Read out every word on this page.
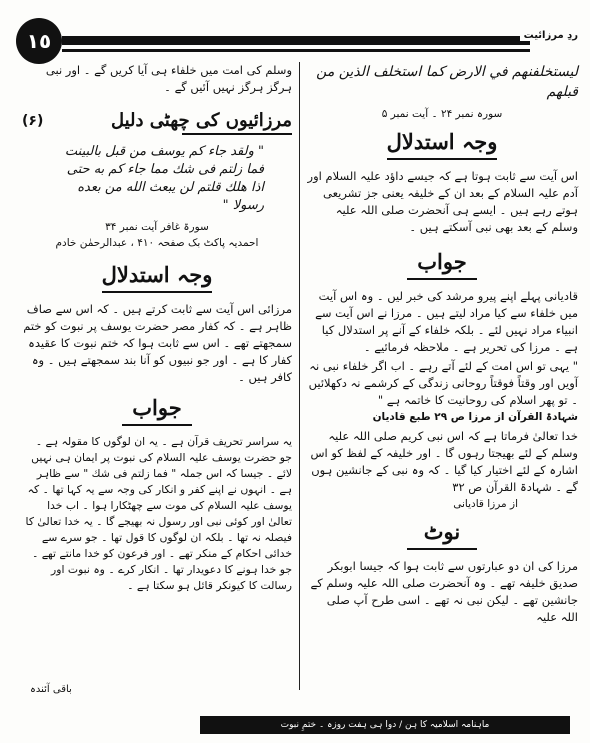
١٥	ردِ مرزائیت

ليستخلفنهم في الارض كما استخلف الذين من قبلهم

سورہ نمبر ۲۴ ۔ آیت نمبر ۵

وجہ استدلال

اس آیت سے ثابت ہوتا ہے کہ جیسے داؤد علیہ السلام اور آدم علیہ السلام کے بعد ان کے خلیفہ یعنی جز تشریعی ہوتے رہے ہیں ۔ ایسے ہی آنحضرت صلی اللہ علیہ وسلم کے بعد بھی نبی آسکتے ہیں ۔

جواب

قادیانی پہلے اپنے پیرو مرشد کی خبر لیں ۔ وہ اس آیت میں خلفاء سے کیا مراد لیتے ہیں ۔ مرزا نے اس آیت سے انبیاء مراد نہیں لئے ۔ بلکہ خلفاء کے آنے پر استدلال کیا ہے ۔ مرزا کی تحریر ہے ۔ ملاحظہ فرمائیے ۔

" یہی تو اس امت کے لئے آتے رہے ۔ اب اگر خلفاء نبی نہ آویں اور وقتاً فوقتاً روحانی زندگی کے کرشمے نہ دکھلائیں ۔ تو پھر اسلام کی روحانیت کا خاتمہ ہے "

شہادۃ القرآن از مرزا ص ۲۹ طبع قادیان

خدا تعالیٰ فرماتا ہے کہ اس نبی کریم صلی اللہ علیہ وسلم کے لئے بھیجتا رہوں گا ۔ اور خلیفہ کے لفظ کو اس اشارہ کے لئے اختیار کیا گیا ۔ کہ وہ نبی کے جانشین ہوں گے ۔ شہادۃ القرآن ص ۳۲

از مرزا قادیانی

نوٹ

مرزا کی ان دو عبارتوں سے ثابت ہوا کہ جیسا ابوبکر صدیق خلیفہ تھے ۔ وہ آنحضرت صلی اللہ علیہ وسلم کے جانشین تھے ۔ لیکن نبی نہ تھے ۔ اسی طرح آپ صلی اللہ علیہ

وسلم کی امت میں خلفاء ہی آیا کریں گے ۔ اور نبی ہرگز ہرگز نہیں آئیں گے ۔

مرزائیوں کی چھٹی دلیل
(۶)

" ولقد جاء كم يوسف من قبل بالبينت فما زلتم فى شك مما جاء كم به حتى اذا هلك قلتم لن يبعث الله من بعده رسولا "

سورۃ غافر آیت نمبر ۳۴

احمدیہ پاکٹ بک صفحہ ۴۱۰ ، عبدالرحمٰن خادم

وجہ استدلال

مرزائی اس آیت سے ثابت کرتے ہیں ۔ کہ اس سے صاف ظاہر ہے ۔ کہ کفار مصر حضرت یوسف پر نبوت کو ختم سمجھتے تھے ۔ اس سے ثابت ہوا کہ ختم نبوت کا عقیدہ کفار کا ہے ۔ اور جو نبیوں کو آنا بند سمجھتے ہیں ۔ وہ کافر ہیں ۔

جواب

یہ سراسر تحریف قرآن ہے ۔ یہ ان لوگوں کا مقولہ ہے ۔ جو حضرت یوسف علیہ السلام کی نبوت پر ایمان ہی نہیں لائے ۔ جیسا کہ اس جملہ " فما زلتم فى شك " سے ظاہر ہے ۔ انہوں نے اپنے کفر و انکار کی وجہ سے یہ کہا تھا ۔ کہ یوسف علیہ السلام کی موت سے چھٹکارا ہوا ۔ اب خدا تعالیٰ اور کوئی نبی اور رسول نہ بھیجے گا ۔ یہ خدا تعالیٰ کا فیصلہ نہ تھا ۔ بلکہ ان لوگوں کا قول تھا ۔ جو سرے سے خدائی احکام کے منکر تھے ۔ اور فرعون کو خدا مانتے تھے ۔ جو خدا ہونے کا دعویدار تھا ۔ انکار کرے ۔ وہ نبوت اور رسالت کا کیونکر قائل ہو سکتا ہے ۔

باقی آئندہ
ماہنامہ اسلامیہ کا ہن / دوا ہی ہفت روزہ ۔ ختمِ نبوت
